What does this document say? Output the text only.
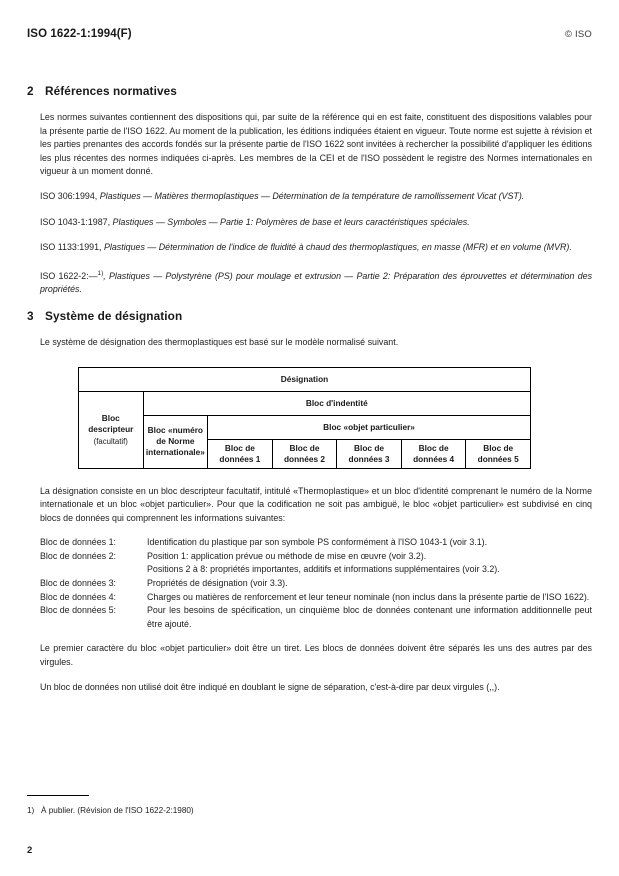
ISO 1622-1:1994(F)	© ISO
2 Références normatives

Les normes suivantes contiennent des dispositions qui, par suite de la référence qui en est faite, constituent des dispositions valables pour la présente partie de l'ISO 1622. Au moment de la publication, les éditions indiquées étaient en vigueur. Toute norme est sujette à révision et les parties prenantes des accords fondés sur la présente partie de l'ISO 1622 sont invitées à rechercher la possibilité d'appliquer les éditions les plus récentes des normes indiquées ci-après. Les membres de la CEI et de l'ISO possèdent le registre des Normes internationales en vigueur à un moment donné.

ISO 306:1994, Plastiques — Matières thermoplastiques — Détermination de la température de ramollissement Vicat (VST).

ISO 1043-1:1987, Plastiques — Symboles — Partie 1: Polymères de base et leurs caractéristiques spéciales.

ISO 1133:1991, Plastiques — Détermination de l'indice de fluidité à chaud des thermoplastiques, en masse (MFR) et en volume (MVR).

ISO 1622-2:—$^{1)}$, Plastiques — Polystyrène (PS) pour moulage et extrusion — Partie 2: Préparation des éprouvettes et détermination des propriétés.

3 Système de désignation

Le système de désignation des thermoplastiques est basé sur le modèle normalisé suivant.

Désignation						
Bloc descripteur
(facultatif)	Bloc d'indentité					
	Bloc «numéro de Norme internationale»	Bloc «objet particulier»				
		Bloc de données 1	Bloc de données 2	Bloc de données 3	Bloc de données 4	Bloc de données 5

La désignation consiste en un bloc descripteur facultatif, intitulé «Thermoplastique» et un bloc d'identité comprenant le numéro de la Norme internationale et un bloc «objet particulier». Pour que la codification ne soit pas ambiguë, le bloc «objet particulier» est subdivisé en cinq blocs de données qui comprennent les informations suivantes:

Bloc de données 1:	Identification du plastique par son symbole PS conformément à l'ISO 1043-1 (voir 3.1).
Bloc de données 2:	Position 1: application prévue ou méthode de mise en œuvre (voir 3.2).
Positions 2 à 8: propriétés importantes, additifs et informations supplémentaires (voir 3.2).
Bloc de données 3:	Propriétés de désignation (voir 3.3).
Bloc de données 4:	Charges ou matières de renforcement et leur teneur nominale (non inclus dans la présente partie de l'ISO 1622).
Bloc de données 5:	Pour les besoins de spécification, un cinquième bloc de données contenant une information additionnelle peut être ajouté.

Le premier caractère du bloc «objet particulier» doit être un tiret. Les blocs de données doivent être séparés les uns des autres par des virgules.

Un bloc de données non utilisé doit être indiqué en doublant le signe de séparation, c'est-à-dire par deux virgules (,,).

1) À publier. (Révision de l'ISO 1622-2:1980)
2
